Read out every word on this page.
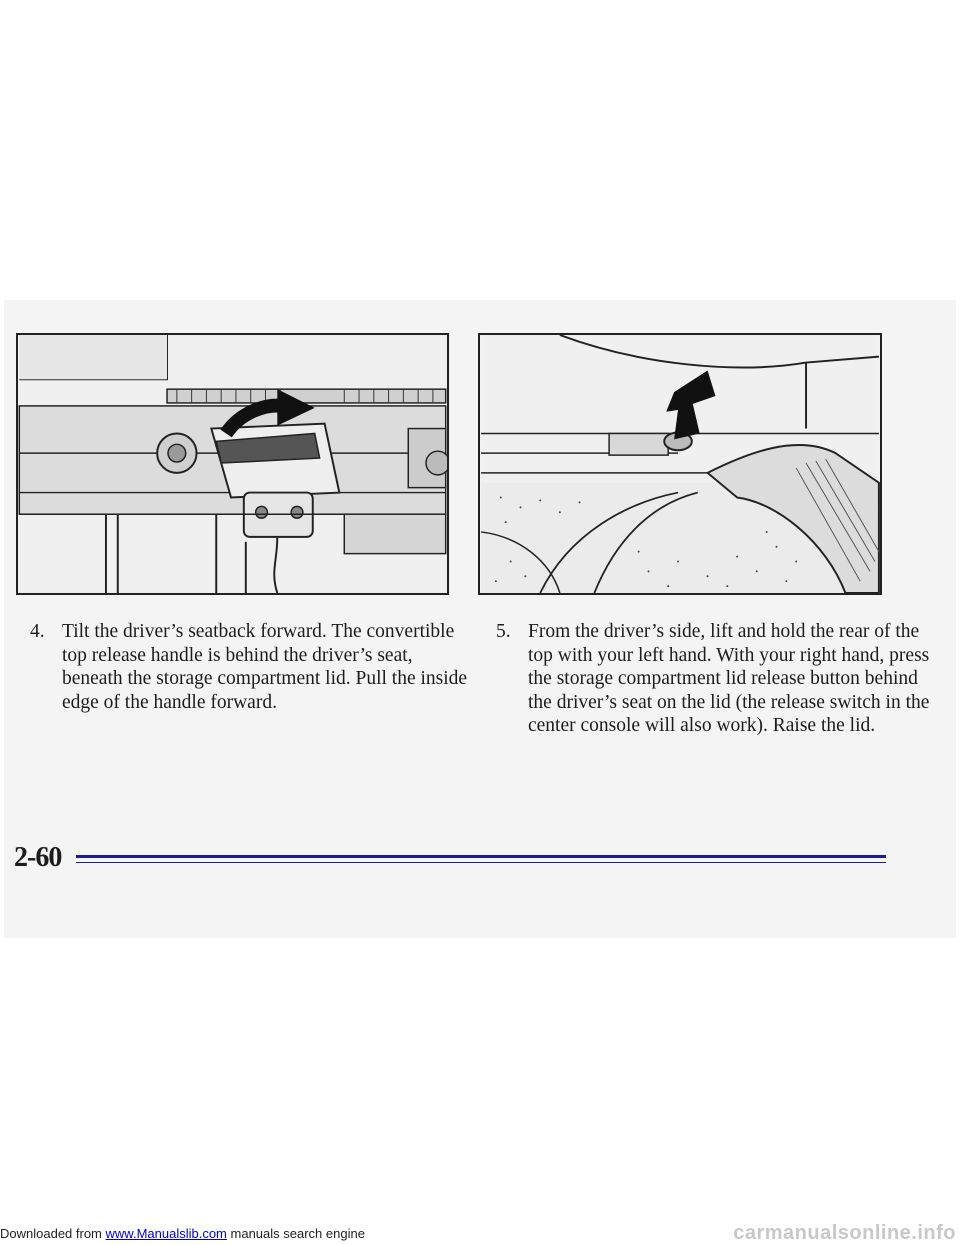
4. Tilt the driver’s seatback forward. The convertible top release handle is behind the driver’s seat, beneath the storage compartment lid. Pull the inside edge of the handle forward.
5. From the driver’s side, lift and hold the rear of the top with your left hand. With your right hand, press the storage compartment lid release button behind the driver’s seat on the lid (the release switch in the center console will also work). Raise the lid.
2-60
Downloaded from www.Manualslib.com manuals search engine	carmanualsonline.info
